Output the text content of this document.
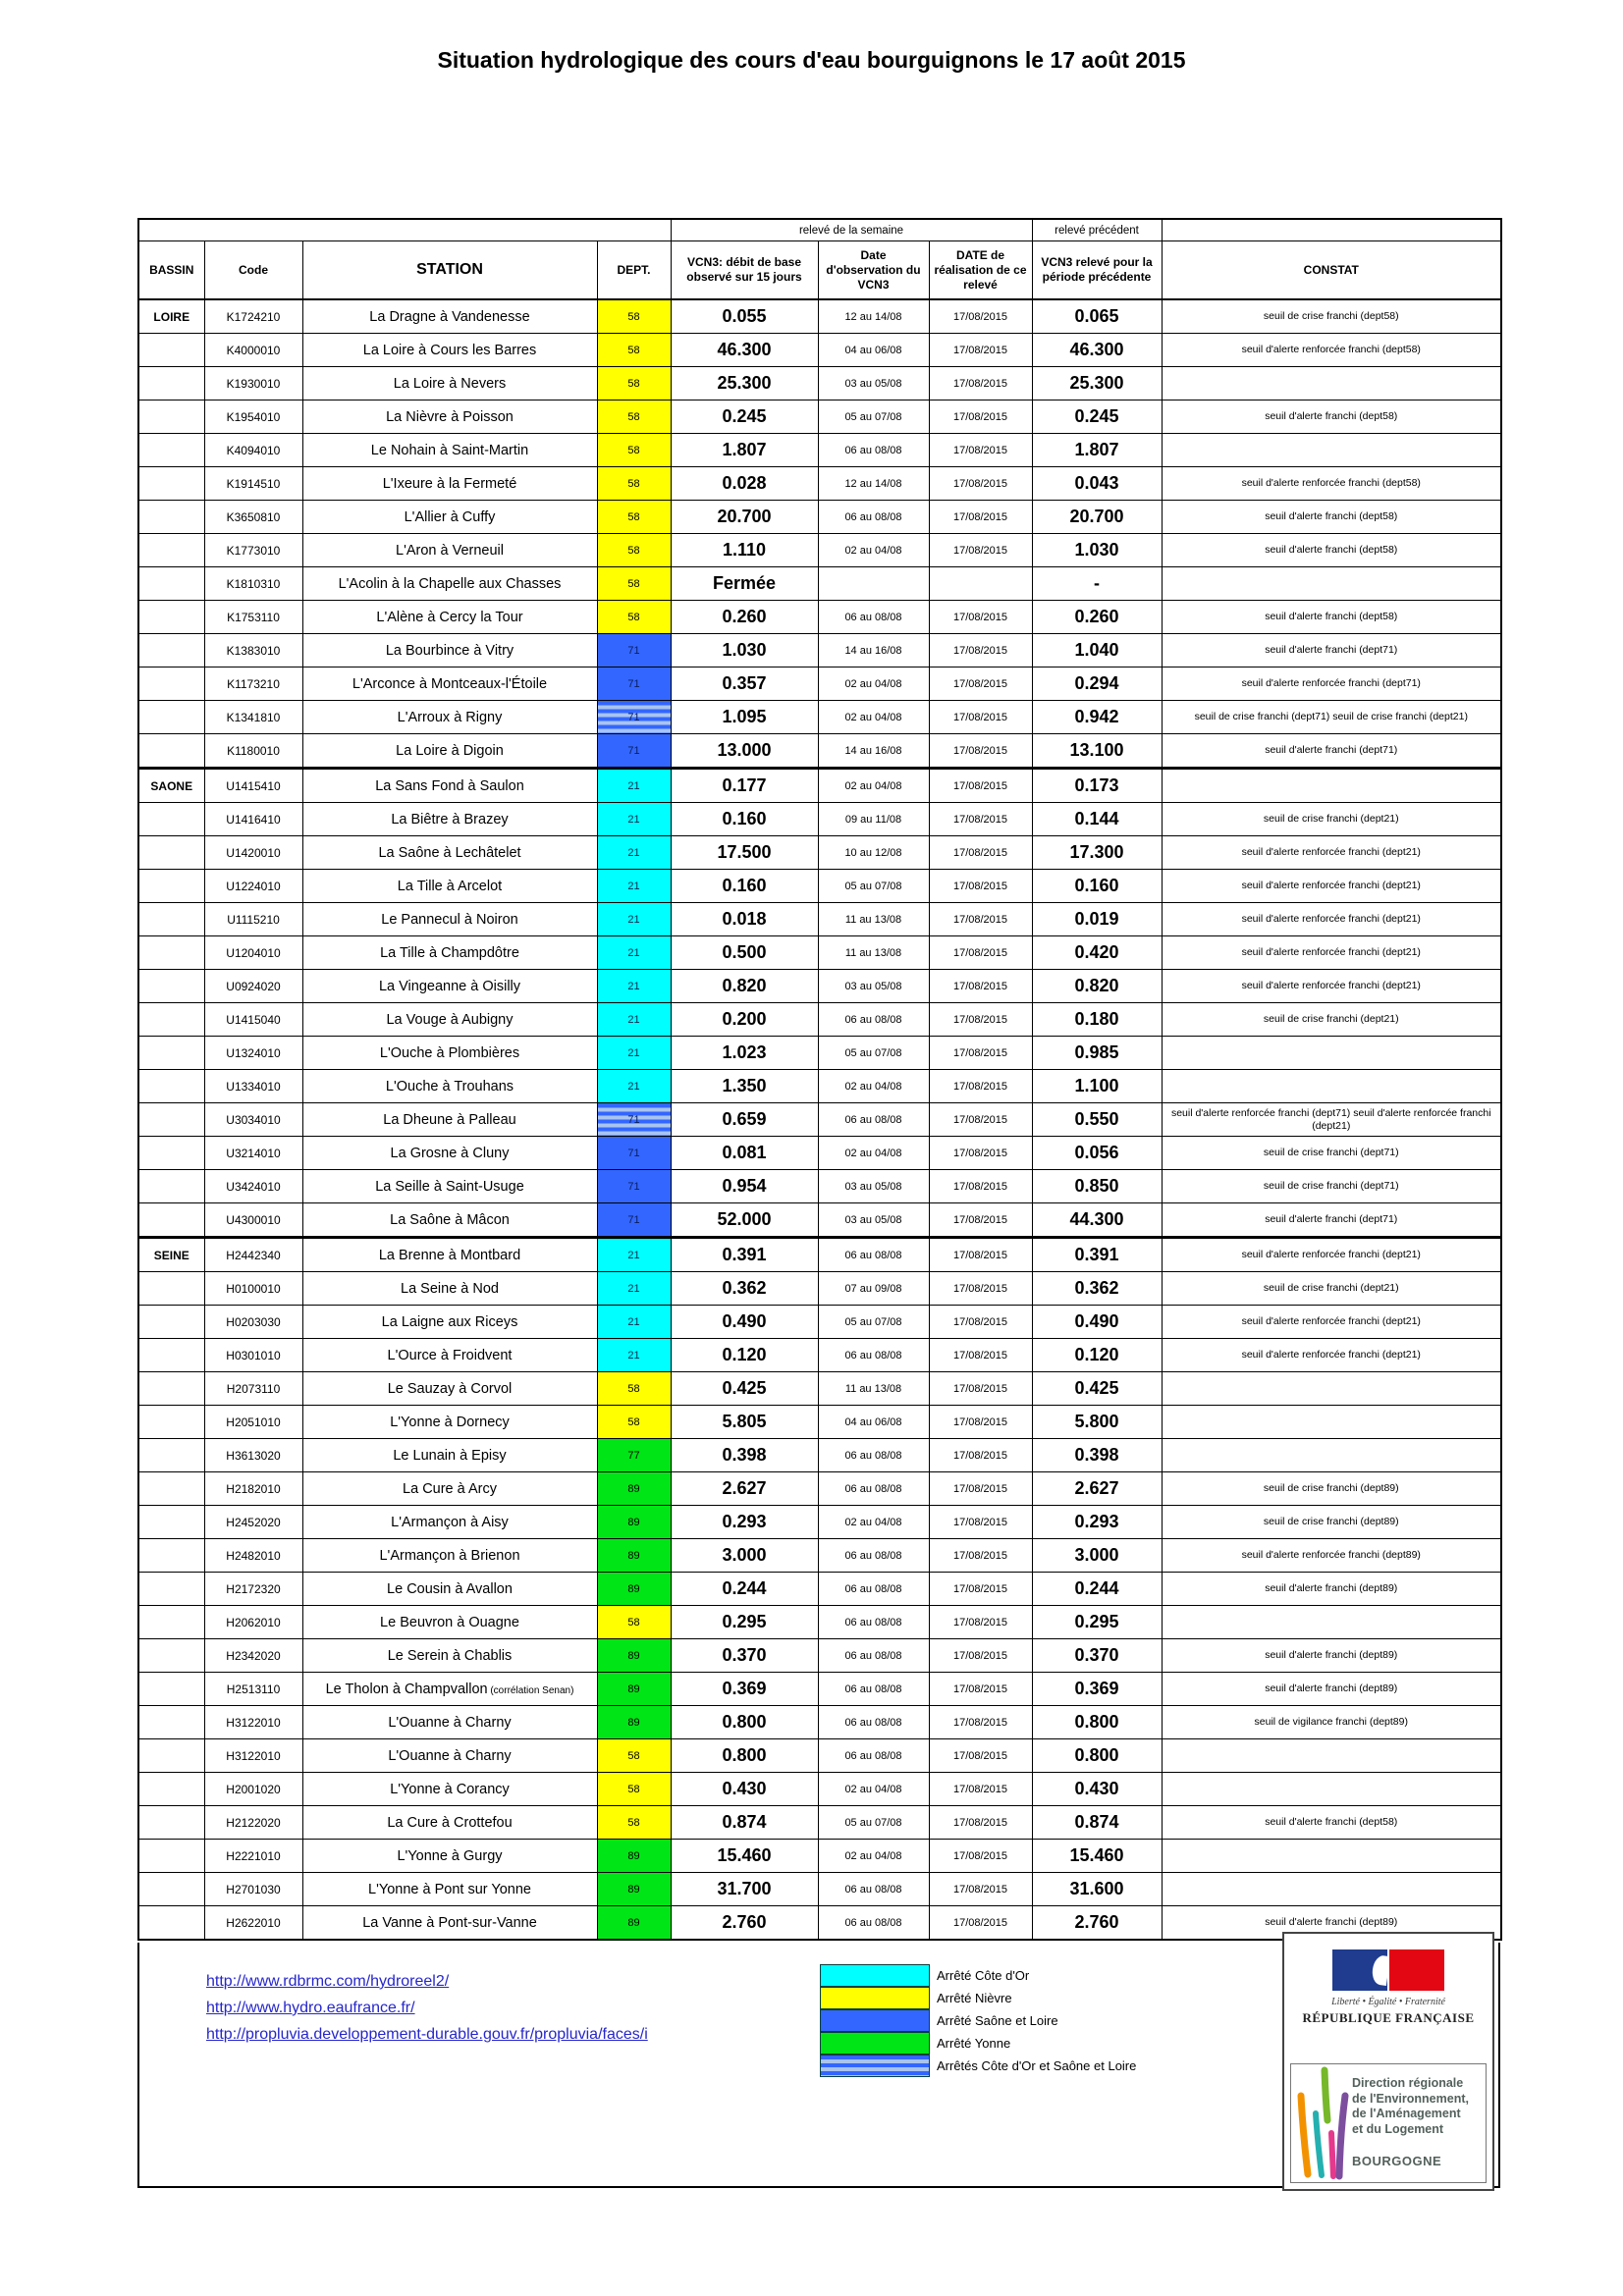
Situation hydrologique des cours d'eau bourguignons le 17 août 2015
				relevé de la semaine			relevé précédent	
BASSIN	Code	STATION	DEPT.	VCN3: débit de base observé sur 15 jours	Date d'observation du VCN3	DATE de réalisation de ce relevé	VCN3 relevé pour la période précédente	CONSTAT
LOIRE	K1724210	La Dragne à Vandenesse	58	0.055	12 au 14/08	17/08/2015	0.065	seuil de crise franchi (dept58)
	K4000010	La Loire à Cours les Barres	58	46.300	04 au 06/08	17/08/2015	46.300	seuil d'alerte renforcée franchi (dept58)
	K1930010	La Loire à Nevers	58	25.300	03 au 05/08	17/08/2015	25.300	
	K1954010	La Nièvre à Poisson	58	0.245	05 au 07/08	17/08/2015	0.245	seuil d'alerte franchi (dept58)
	K4094010	Le Nohain à Saint-Martin	58	1.807	06 au 08/08	17/08/2015	1.807	
	K1914510	L'Ixeure à la Fermeté	58	0.028	12 au 14/08	17/08/2015	0.043	seuil d'alerte renforcée franchi (dept58)
	K3650810	L'Allier à Cuffy	58	20.700	06 au 08/08	17/08/2015	20.700	seuil d'alerte franchi (dept58)
	K1773010	L'Aron à Verneuil	58	1.110	02 au 04/08	17/08/2015	1.030	seuil d'alerte franchi (dept58)
	K1810310	L'Acolin à la Chapelle aux Chasses	58	Fermée			-	
	K1753110	L'Alène à Cercy la Tour	58	0.260	06 au 08/08	17/08/2015	0.260	seuil d'alerte franchi (dept58)
	K1383010	La Bourbince à Vitry	71	1.030	14 au 16/08	17/08/2015	1.040	seuil d'alerte franchi (dept71)
	K1173210	L'Arconce à Montceaux-l'Étoile	71	0.357	02 au 04/08	17/08/2015	0.294	seuil d'alerte renforcée franchi (dept71)
	K1341810	L'Arroux à Rigny	71	1.095	02 au 04/08	17/08/2015	0.942	seuil de crise franchi (dept71) seuil de crise franchi (dept21)
	K1180010	La Loire à Digoin	71	13.000	14 au 16/08	17/08/2015	13.100	seuil d'alerte franchi (dept71)
SAONE	U1415410	La Sans Fond à Saulon	21	0.177	02 au 04/08	17/08/2015	0.173	
	U1416410	La Biêtre à Brazey	21	0.160	09 au 11/08	17/08/2015	0.144	seuil de crise franchi (dept21)
	U1420010	La Saône à Lechâtelet	21	17.500	10 au 12/08	17/08/2015	17.300	seuil d'alerte renforcée franchi (dept21)
	U1224010	La Tille à Arcelot	21	0.160	05 au 07/08	17/08/2015	0.160	seuil d'alerte renforcée franchi (dept21)
	U1115210	Le Pannecul à Noiron	21	0.018	11 au 13/08	17/08/2015	0.019	seuil d'alerte renforcée franchi (dept21)
	U1204010	La Tille à Champdôtre	21	0.500	11 au 13/08	17/08/2015	0.420	seuil d'alerte renforcée franchi (dept21)
	U0924020	La Vingeanne à Oisilly	21	0.820	03 au 05/08	17/08/2015	0.820	seuil d'alerte renforcée franchi (dept21)
	U1415040	La Vouge à Aubigny	21	0.200	06 au 08/08	17/08/2015	0.180	seuil de crise franchi (dept21)
	U1324010	L'Ouche à Plombières	21	1.023	05 au 07/08	17/08/2015	0.985	
	U1334010	L'Ouche à Trouhans	21	1.350	02 au 04/08	17/08/2015	1.100	
	U3034010	La Dheune à Palleau	71	0.659	06 au 08/08	17/08/2015	0.550	seuil d'alerte renforcée franchi (dept71) seuil d'alerte renforcée franchi (dept21)
	U3214010	La Grosne à Cluny	71	0.081	02 au 04/08	17/08/2015	0.056	seuil de crise franchi (dept71)
	U3424010	La Seille à Saint-Usuge	71	0.954	03 au 05/08	17/08/2015	0.850	seuil de crise franchi (dept71)
	U4300010	La Saône à Mâcon	71	52.000	03 au 05/08	17/08/2015	44.300	seuil d'alerte franchi (dept71)
SEINE	H2442340	La Brenne à Montbard	21	0.391	06 au 08/08	17/08/2015	0.391	seuil d'alerte renforcée franchi (dept21)
	H0100010	La Seine à Nod	21	0.362	07 au 09/08	17/08/2015	0.362	seuil de crise franchi (dept21)
	H0203030	La Laigne aux Riceys	21	0.490	05 au 07/08	17/08/2015	0.490	seuil d'alerte renforcée franchi (dept21)
	H0301010	L'Ource à Froidvent	21	0.120	06 au 08/08	17/08/2015	0.120	seuil d'alerte renforcée franchi (dept21)
	H2073110	Le Sauzay à Corvol	58	0.425	11 au 13/08	17/08/2015	0.425	
	H2051010	L'Yonne à Dornecy	58	5.805	04 au 06/08	17/08/2015	5.800	
	H3613020	Le Lunain à Episy	77	0.398	06 au 08/08	17/08/2015	0.398	
	H2182010	La Cure à Arcy	89	2.627	06 au 08/08	17/08/2015	2.627	seuil de crise franchi (dept89)
	H2452020	L'Armançon à Aisy	89	0.293	02 au 04/08	17/08/2015	0.293	seuil de crise franchi (dept89)
	H2482010	L'Armançon à Brienon	89	3.000	06 au 08/08	17/08/2015	3.000	seuil d'alerte renforcée franchi (dept89)
	H2172320	Le Cousin à Avallon	89	0.244	06 au 08/08	17/08/2015	0.244	seuil d'alerte franchi (dept89)
	H2062010	Le Beuvron à Ouagne	58	0.295	06 au 08/08	17/08/2015	0.295	
	H2342020	Le Serein à Chablis	89	0.370	06 au 08/08	17/08/2015	0.370	seuil d'alerte franchi (dept89)
	H2513110	Le Tholon à Champvallon (corrélation Senan)	89	0.369	06 au 08/08	17/08/2015	0.369	seuil d'alerte franchi (dept89)
	H3122010	L'Ouanne à Charny	89	0.800	06 au 08/08	17/08/2015	0.800	seuil de vigilance franchi (dept89)
	H3122010	L'Ouanne à Charny	58	0.800	06 au 08/08	17/08/2015	0.800	
	H2001020	L'Yonne à Corancy	58	0.430	02 au 04/08	17/08/2015	0.430	
	H2122020	La Cure à Crottefou	58	0.874	05 au 07/08	17/08/2015	0.874	seuil d'alerte franchi (dept58)
	H2221010	L'Yonne à Gurgy	89	15.460	02 au 04/08	17/08/2015	15.460	
	H2701030	L'Yonne à Pont sur Yonne	89	31.700	06 au 08/08	17/08/2015	31.600	
	H2622010	La Vanne à Pont-sur-Vanne	89	2.760	06 au 08/08	17/08/2015	2.760	seuil d'alerte franchi (dept89)
http://www.rdbrmc.com/hydroreel2/
http://www.hydro.eaufrance.fr/
http://propluvia.developpement-durable.gouv.fr/propluvia/faces/i
Arrêté Côte d'Or
Arrêté Nièvre
Arrêté Saône et Loire
Arrêté Yonne
Arrêtés Côte d'Or et Saône et Loire
Liberté • Égalité • Fraternité
RÉPUBLIQUE FRANÇAISE
Direction régionale
de l'Environnement,
de l'Aménagement
et du Logement
BOURGOGNE
